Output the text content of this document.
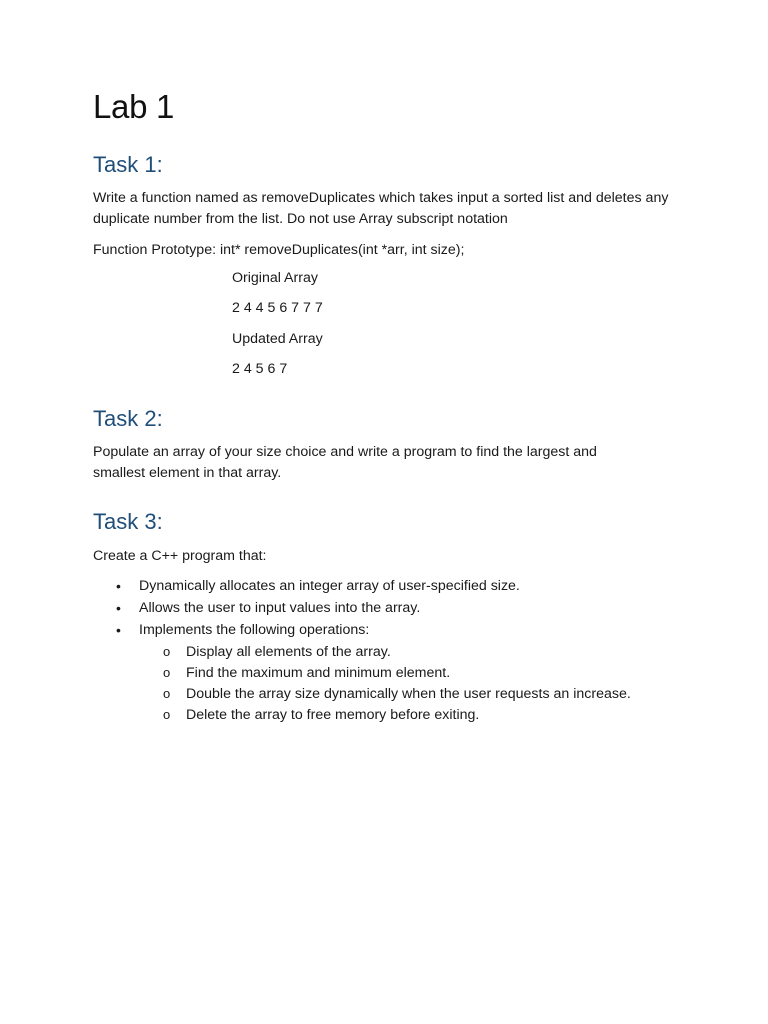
Lab 1
Task 1:

Write a function named as removeDuplicates which takes input a sorted list and deletes any duplicate number from the list. Do not use Array subscript notation

Function Prototype: int* removeDuplicates(int *arr, int size);

Original Array

2 4 4 5 6 7 7 7

Updated Array

2 4 5 6 7

Task 2:

Populate an array of your size choice and write a program to find the largest and smallest element in that array.

Task 3:

Create a C++ program that:

• Dynamically allocates an integer array of user-specified size.
• Allows the user to input values into the array.
• Implements the following operations:
o Display all elements of the array.
o Find the maximum and minimum element.
o Double the array size dynamically when the user requests an increase.
o Delete the array to free memory before exiting.
